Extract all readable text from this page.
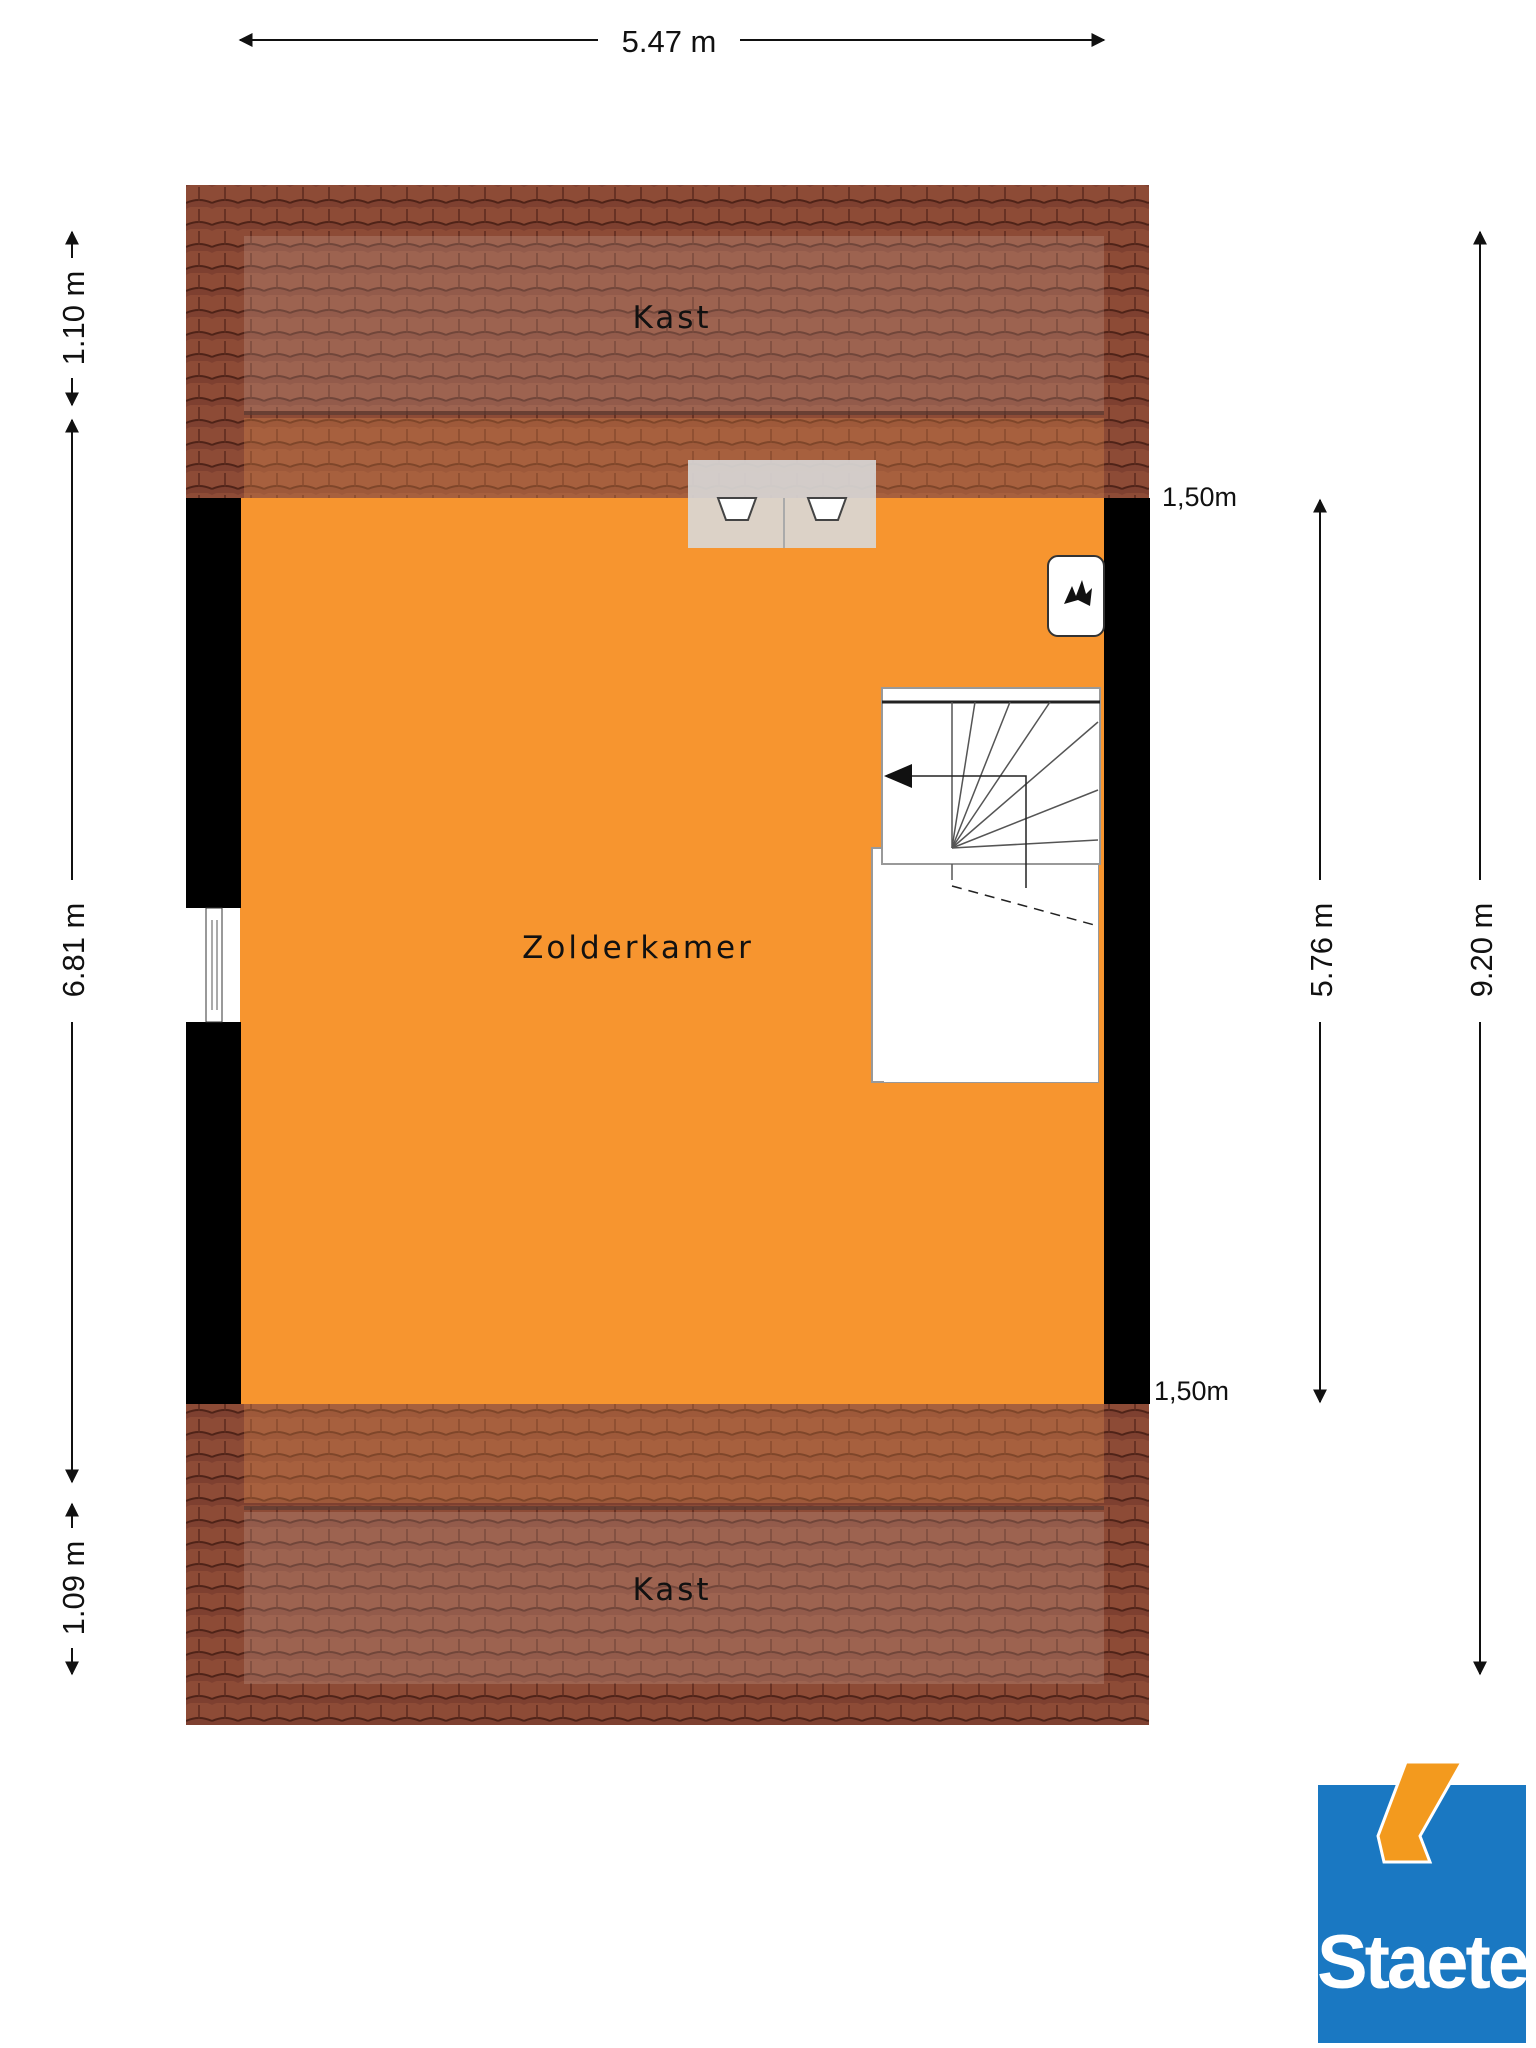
Kast
Zolderkamer
Kast
5.47 m
1.10 m
6.81 m
1.09 m
5.76 m	9.20 m
1,50m
1,50m
Staete
